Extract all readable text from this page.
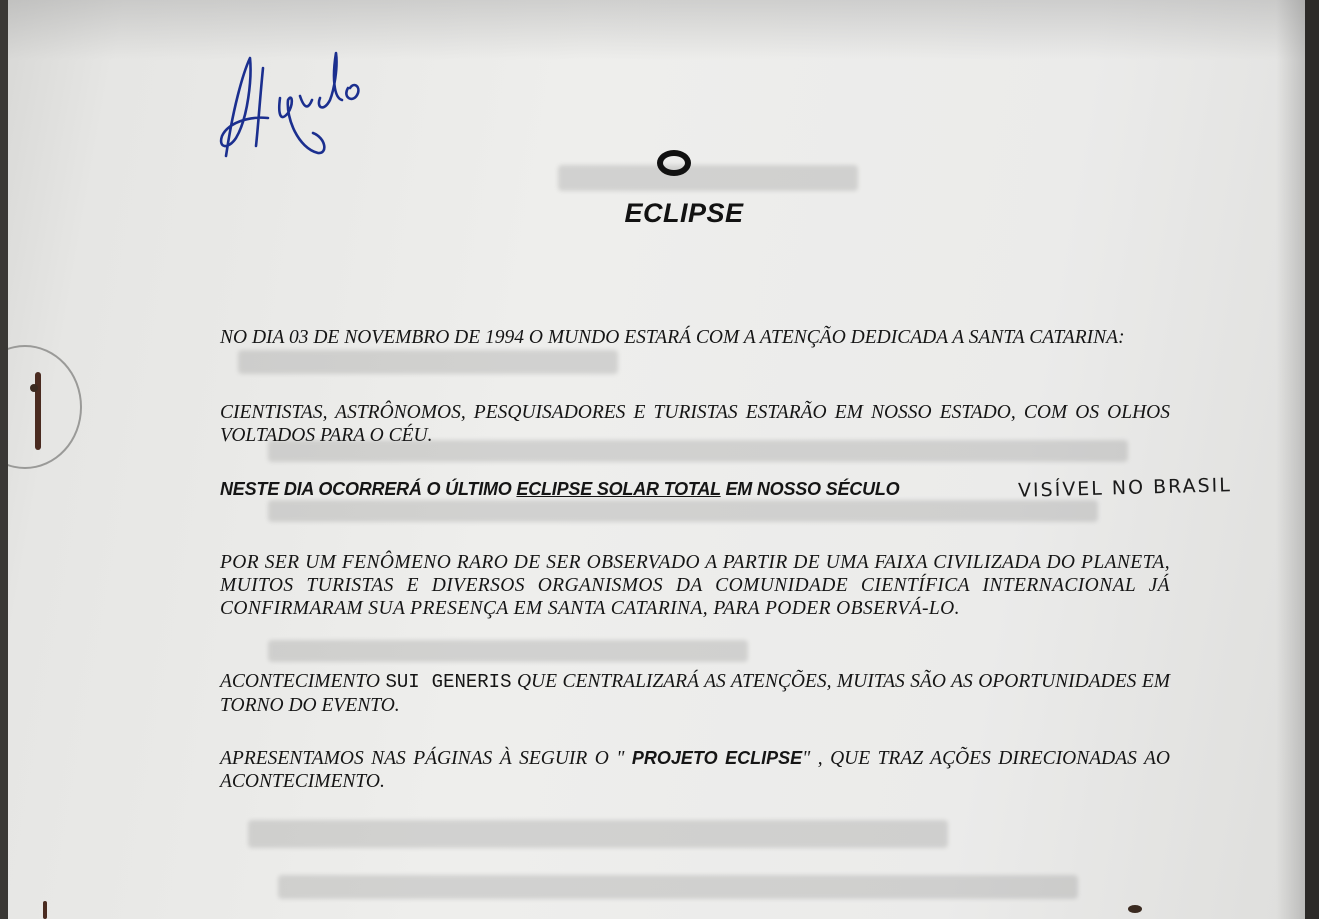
ECLIPSE
NO DIA 03 DE NOVEMBRO DE 1994 O MUNDO ESTARÁ COM A ATENÇÃO DEDICADA A SANTA CATARINA:
CIENTISTAS, ASTRÔNOMOS, PESQUISADORES E TURISTAS ESTARÃO EM NOSSO ESTADO, COM OS OLHOS VOLTADOS PARA O CÉU.
NESTE DIA OCORRERÁ O ÚLTIMO ECLIPSE SOLAR TOTAL EM NOSSO SÉCULO	VISÍVEL NO BRASIL
POR SER UM FENÔMENO RARO DE SER OBSERVADO A PARTIR DE UMA FAIXA CIVILIZADA DO PLANETA, MUITOS TURISTAS E DIVERSOS ORGANISMOS DA COMUNIDADE CIENTÍFICA INTERNACIONAL JÁ CONFIRMARAM SUA PRESENÇA EM SANTA CATARINA, PARA PODER OBSERVÁ-LO.
ACONTECIMENTO SUI GENERIS QUE CENTRALIZARÁ AS ATENÇÕES, MUITAS SÃO AS OPORTUNIDADES EM TORNO DO EVENTO.
APRESENTAMOS NAS PÁGINAS À SEGUIR O " PROJETO ECLIPSE" , QUE TRAZ AÇÕES DIRECIONADAS AO ACONTECIMENTO.
